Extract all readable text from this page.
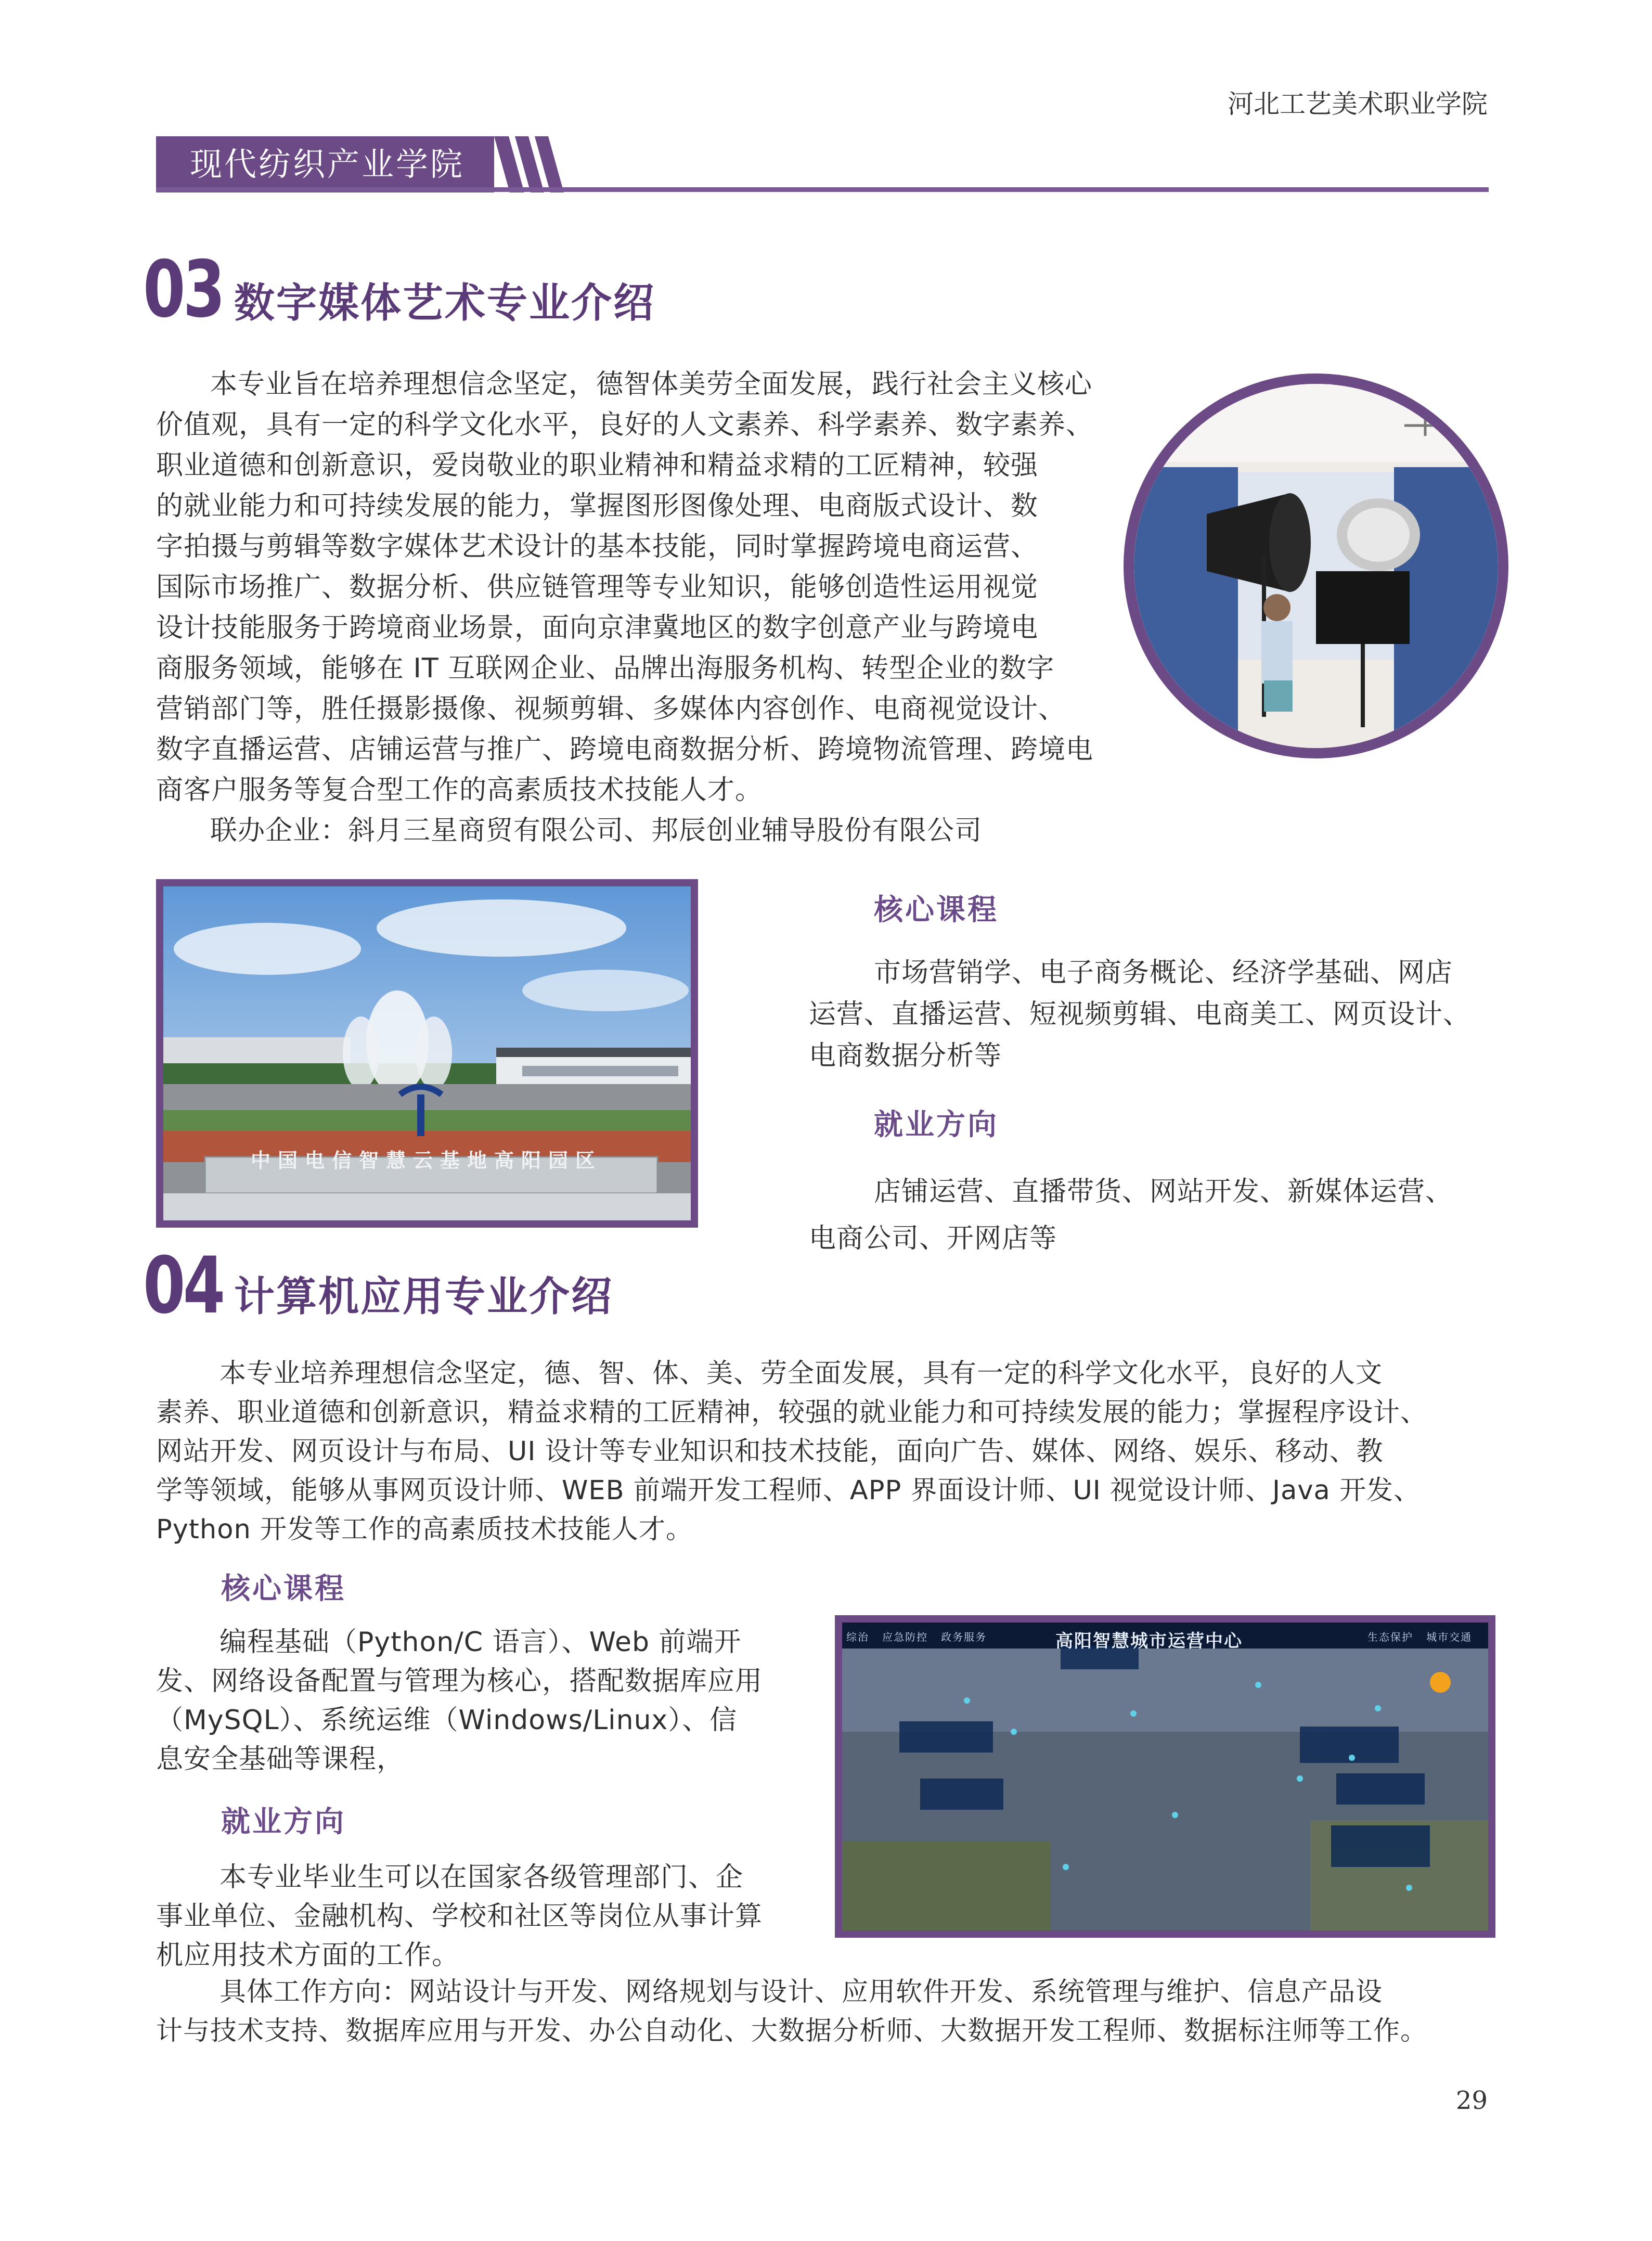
河北工艺美术职业学院
现代纺织产业学院
03 数字媒体艺术专业介绍

本专业旨在培养理想信念坚定，德智体美劳全面发展，践行社会主义核心

价值观，具有一定的科学文化水平，良好的人文素养、科学素养、数字素养、

职业道德和创新意识，爱岗敬业的职业精神和精益求精的工匠精神，较强

的就业能力和可持续发展的能力，掌握图形图像处理、电商版式设计、数

字拍摄与剪辑等数字媒体艺术设计的基本技能，同时掌握跨境电商运营、

国际市场推广、数据分析、供应链管理等专业知识，能够创造性运用视觉

设计技能服务于跨境商业场景，面向京津冀地区的数字创意产业与跨境电

商服务领域，能够在 IT 互联网企业、品牌出海服务机构、转型企业的数字

营销部门等，胜任摄影摄像、视频剪辑、多媒体内容创作、电商视觉设计、

数字直播运营、店铺运营与推广、跨境电商数据分析、跨境物流管理、跨境电

商客户服务等复合型工作的高素质技术技能人才。

联办企业：斜月三星商贸有限公司、邦辰创业辅导股份有限公司

中国电信智慧云基地高阳园区
核心课程

市场营销学、电子商务概论、经济学基础、网店

运营、直播运营、短视频剪辑、电商美工、网页设计、

电商数据分析等

就业方向

店铺运营、直播带货、网站开发、新媒体运营、

电商公司、开网店等

04 计算机应用专业介绍

本专业培养理想信念坚定，德、智、体、美、劳全面发展，具有一定的科学文化水平，良好的人文

素养、职业道德和创新意识，精益求精的工匠精神，较强的就业能力和可持续发展的能力；掌握程序设计、

网站开发、网页设计与布局、UI 设计等专业知识和技术技能，面向广告、媒体、网络、娱乐、移动、教

学等领域，能够从事网页设计师、WEB 前端开发工程师、APP 界面设计师、UI 视觉设计师、Java 开发、

Python 开发等工作的高素质技术技能人才。

核心课程

编程基础（Python/C 语言）、Web 前端开

发、网络设备配置与管理为核心，搭配数据库应用

（MySQL）、系统运维（Windows/Linux）、信

息安全基础等课程，

就业方向

本专业毕业生可以在国家各级管理部门、企

事业单位、金融机构、学校和社区等岗位从事计算

机应用技术方面的工作。

高阳智慧城市运营中心
综治 应急防控 政务服务	生态保护 城市交通

具体工作方向：网站设计与开发、网络规划与设计、应用软件开发、系统管理与维护、信息产品设

计与技术支持、数据库应用与开发、办公自动化、大数据分析师、大数据开发工程师、数据标注师等工作。

29
